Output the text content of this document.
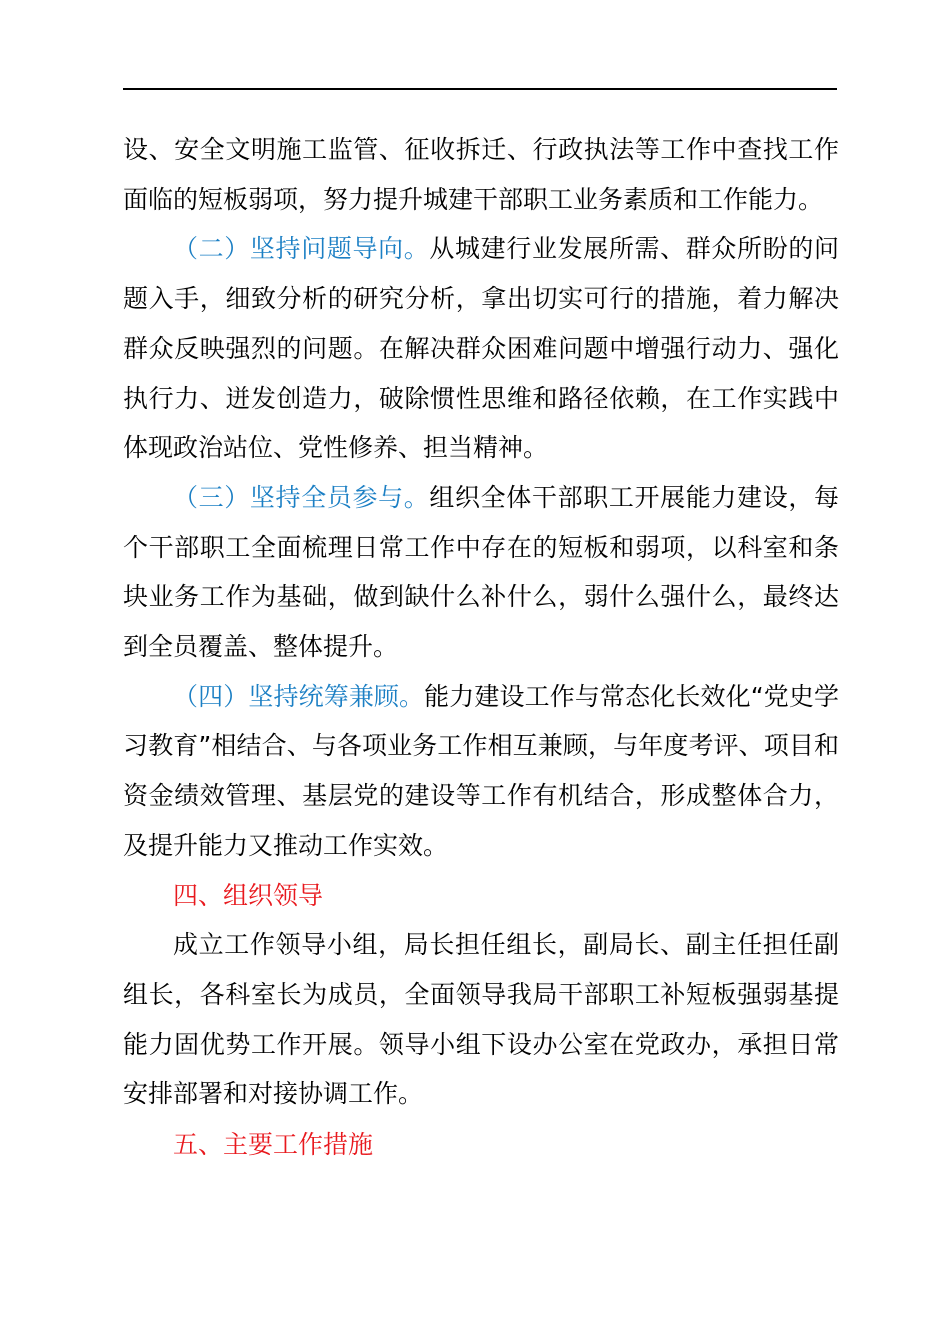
设、安全文明施工监管、征收拆迁、行政执法等工作中查找工作面临的短板弱项，努力提升城建干部职工业务素质和工作能力。

（二）坚持问题导向。从城建行业发展所需、群众所盼的问题入手，细致分析的研究分析，拿出切实可行的措施，着力解决群众反映强烈的问题。在解决群众困难问题中增强行动力、强化执行力、迸发创造力，破除惯性思维和路径依赖，在工作实践中体现政治站位、党性修养、担当精神。

（三）坚持全员参与。组织全体干部职工开展能力建设，每个干部职工全面梳理日常工作中存在的短板和弱项，以科室和条块业务工作为基础，做到缺什么补什么，弱什么强什么，最终达到全员覆盖、整体提升。

（四）坚持统筹兼顾。能力建设工作与常态化长效化“党史学习教育”相结合、与各项业务工作相互兼顾，与年度考评、项目和资金绩效管理、基层党的建设等工作有机结合，形成整体合力，及提升能力又推动工作实效。

四、组织领导

成立工作领导小组，局长担任组长，副局长、副主任担任副组长，各科室长为成员，全面领导我局干部职工补短板强弱基提能力固优势工作开展。领导小组下设办公室在党政办，承担日常安排部署和对接协调工作。

五、主要工作措施
